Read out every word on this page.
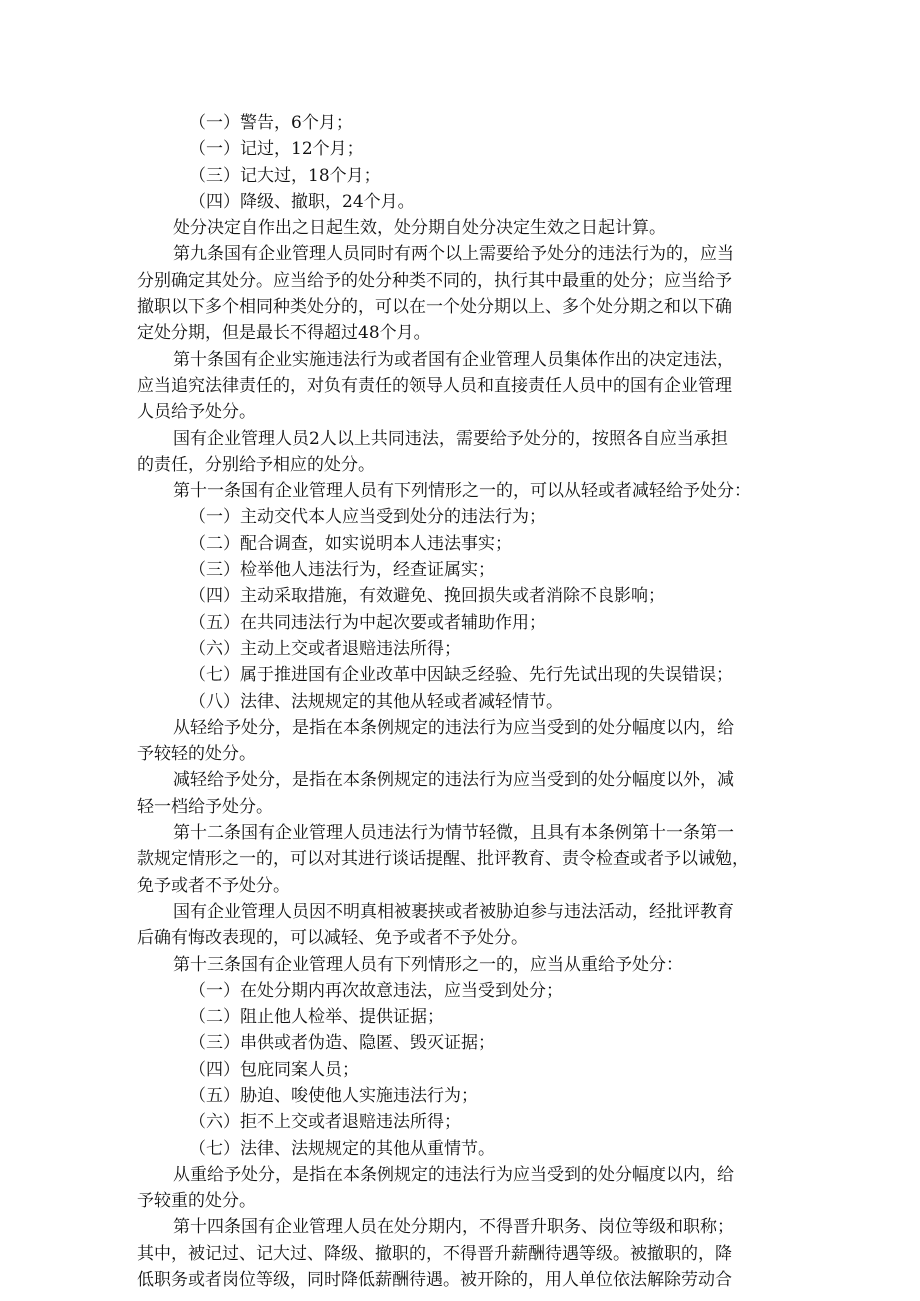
（一）警告，6个月；
（一）记过，12个月；
（三）记大过，18个月；
（四）降级、撤职，24个月。
处分决定自作出之日起生效，处分期自处分决定生效之日起计算。
第九条国有企业管理人员同时有两个以上需要给予处分的违法行为的，应当
分别确定其处分。应当给予的处分种类不同的，执行其中最重的处分；应当给予
撤职以下多个相同种类处分的，可以在一个处分期以上、多个处分期之和以下确
定处分期，但是最长不得超过48个月。
第十条国有企业实施违法行为或者国有企业管理人员集体作出的决定违法，
应当追究法律责任的，对负有责任的领导人员和直接责任人员中的国有企业管理
人员给予处分。
国有企业管理人员2人以上共同违法，需要给予处分的，按照各自应当承担
的责任，分别给予相应的处分。
第十一条国有企业管理人员有下列情形之一的，可以从轻或者减轻给予处分：
（一）主动交代本人应当受到处分的违法行为；
（二）配合调查，如实说明本人违法事实；
（三）检举他人违法行为，经查证属实；
（四）主动采取措施，有效避免、挽回损失或者消除不良影响；
（五）在共同违法行为中起次要或者辅助作用；
（六）主动上交或者退赔违法所得；
（七）属于推进国有企业改革中因缺乏经验、先行先试出现的失误错误；
（八）法律、法规规定的其他从轻或者减轻情节。
从轻给予处分，是指在本条例规定的违法行为应当受到的处分幅度以内，给
予较轻的处分。
减轻给予处分，是指在本条例规定的违法行为应当受到的处分幅度以外，减
轻一档给予处分。
第十二条国有企业管理人员违法行为情节轻微，且具有本条例第十一条第一
款规定情形之一的，可以对其进行谈话提醒、批评教育、责令检查或者予以诫勉，
免予或者不予处分。
国有企业管理人员因不明真相被裹挟或者被胁迫参与违法活动，经批评教育
后确有悔改表现的，可以减轻、免予或者不予处分。
第十三条国有企业管理人员有下列情形之一的，应当从重给予处分：
（一）在处分期内再次故意违法，应当受到处分；
（二）阻止他人检举、提供证据；
（三）串供或者伪造、隐匿、毁灭证据；
（四）包庇同案人员；
（五）胁迫、唆使他人实施违法行为；
（六）拒不上交或者退赔违法所得；
（七）法律、法规规定的其他从重情节。
从重给予处分，是指在本条例规定的违法行为应当受到的处分幅度以内，给
予较重的处分。
第十四条国有企业管理人员在处分期内，不得晋升职务、岗位等级和职称；
其中，被记过、记大过、降级、撤职的，不得晋升薪酬待遇等级。被撤职的，降
低职务或者岗位等级，同时降低薪酬待遇。被开除的，用人单位依法解除劳动合
